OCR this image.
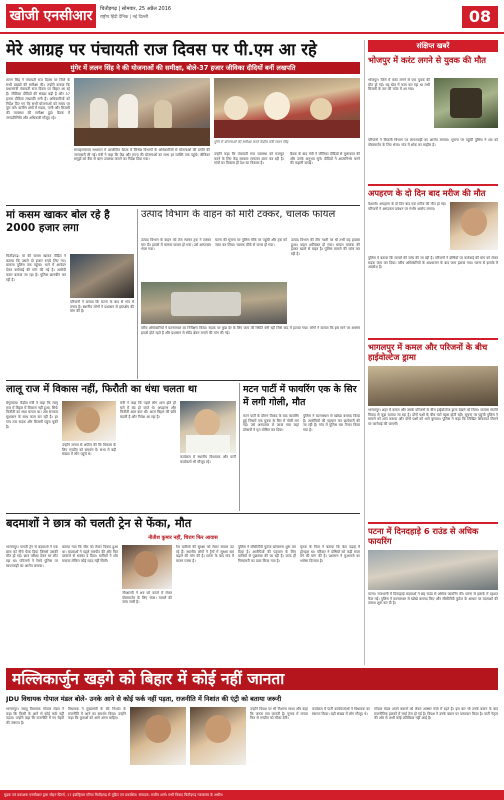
खोजी एनसीआर	चितौड़गढ़ | सोमवार, 25 अप्रैल 2016
राष्ट्रीय हिंदी दैनिक | नई दिल्ली	08
मेरे आग्रह पर पंचायती राज दिवस पर पी.एम आ रहे
मुंगेर में ललन सिंह ने की योजनाओं की समीक्षा, बोले-37 हजार जीविका दीदियों बनीं लखपति
ललन सिंह ने पंचायती राज दिवस पर जिले के सभी प्रखंडों की समीक्षा की। उन्होंने बताया कि प्रधानमंत्री पंचायती राज दिवस पर बिहार आ रहे हैं। जीविका दीदियों की संख्या बढ़ी है और 37 हजार दीदियां लखपति बनी हैं। अधिकारियों को निर्देश दिए गए कि सभी योजनाओं को समय पर पूरा करें। ग्रामीण क्षेत्रों में सड़क, पानी और बिजली की व्यवस्था की समीक्षा हुई। बैठक में जनप्रतिनिधि और अधिकारी मौजूद रहे।
समाहरणालय सभागार में आयोजित बैठक में विभिन्न विभागों के अधिकारियों से योजनाओं की प्रगति की जानकारी ली गई। मंत्री ने कहा कि केंद्र और राज्य की योजनाओं का लाभ हर व्यक्ति तक पहुंचे। जीविका समूहों को बैंक से ऋण उपलब्ध कराने का निर्देश दिया गया।
मुंगेर में योजनाओं की समीक्षा करते केंद्रीय मंत्री ललन सिंह
उन्होंने कहा कि पंचायती राज व्यवस्था को मजबूत करने के लिए केंद्र सरकार लगातार काम कर रही है। गांवों का विकास ही देश का विकास है।
बैठक के बाद मंत्री ने जीविका दीदियों से मुलाकात की और उनके अनुभव सुने। दीदियों ने आत्मनिर्भर बनने की कहानी बताई।
मां कसम खाकर बोल रहे है 2000 हजार लगा
चितौड़गढ़। मां की कसम खाकर पीड़ित ने बताया कि उससे दो हजार रुपये लिए गए। मामला पुलिस तक पहुंचा। थाने में आवेदन देकर कार्रवाई की मांग की गई है। आरोपी फरार बताया जा रहा है। पुलिस छानबीन कर रही है।
परिजनों ने बताया कि घटना के बाद से गांव में तनाव है। स्थानीय लोगों ने प्रशासन से हस्तक्षेप की मांग की है।
उत्पाद विभाग के वाहन को मारी टक्कर, चालक फायल
उत्पाद विभाग के वाहन को तेज रफ्तार ट्रक ने टक्कर मार दी। हादसे में चालक घायल हो गया। उसे अस्पताल भेजा गया।
घटना की सूचना पर पुलिस मौके पर पहुंची और ट्रक को जब्त कर लिया। चालक मौके से फरार हो गया।
उत्पाद विभाग की टीम गश्ती पर थी तभी यह हादसा हुआ। वाहन क्षतिग्रस्त हो गया। घायल चालक की हालत खतरे से बाहर है। पुलिस मामले की जांच कर रही है।
वरीय अधिकारियों ने घटनास्थल का निरीक्षण किया। सड़क पर कुछ देर के लिए जाम की स्थिति बनी रही जिसे बाद में हटाया गया। लोगों ने बताया कि इस मार्ग पर अक्सर हादसे होते रहते हैं और प्रशासन से स्पीड ब्रेकर बनाने की मांग की गई।
लालू राज में विकास नहीं, फिरौती का धंधा चलता था
बेगूसराय। केंद्रीय मंत्री ने कहा कि लालू राज में बिहार में विकास नहीं हुआ, सिर्फ फिरौती का धंधा चलता था। अब सरकार सुशासन के साथ काम कर रही है। हर गांव तक सड़क और बिजली पहुंच चुकी है।
उन्होंने जनता से अपील की कि विकास के लिए एनडीए को समर्थन दें। सभा में बड़ी संख्या में लोग पहुंचे थे।
मंत्री ने कहा कि पहले लोग शाम होते ही घरों में बंद हो जाते थे। अपहरण और फिरौती आम बात थी। आज बिहार की छवि बदली है और निवेश आ रहा है।
कार्यक्रम में स्थानीय विधायक और पार्टी कार्यकर्ता भी मौजूद रहे।
मटन पार्टी में फायरिंग एक के सिर में लगी गोली, मौत
मटन पार्टी के दौरान विवाद के बाद फायरिंग हुई जिसमें एक युवक के सिर में गोली लग गई। उसे अस्पताल ले जाया गया जहां डॉक्टरों ने मृत घोषित कर दिया।
पुलिस ने घटनास्थल से खोखा बरामद किया है। आरोपियों की पहचान कर छापेमारी की जा रही है। गांव में पुलिस बल तैनात किया गया है।
बदमाशों ने छात्र को चलती ट्रेन से फेंका, मौत
नीतीश कुमार नहीं, चिराग फिर आवास
भागलपुर। चलती ट्रेन से बदमाशों ने एक छात्र को नीचे फेंक दिया जिससे उसकी मौत हो गई। छात्र परीक्षा देकर घर लौट रहा था। परिजनों ने रेलवे पुलिस पर लापरवाही का आरोप लगाया।
बताया गया कि सीट को लेकर विवाद हुआ था। बदमाशों ने पहले मारपीट की और फिर दरवाजे से धक्का दे दिया। यात्रियों ने शोर मचाया लेकिन कोई मदद नहीं मिली।
जीआरपी ने शव को कब्जे में लेकर पोस्टमार्टम के लिए भेजा। मामले की जांच जारी है।
रेल यात्रियों की सुरक्षा को लेकर सवाल उठ रहे हैं। स्थानीय लोगों ने ट्रेनों में सुरक्षा बल बढ़ाने की मांग की है। घटना के बाद गांव में मातम पसरा है।
पुलिस ने सीसीटीवी फुटेज खंगालना शुरू कर दिया है। आरोपियों की पहचान के लिए यात्रियों से पूछताछ की जा रही है। जल्द ही गिरफ्तारी का दावा किया गया है।
मृतक के पिता ने बताया कि बेटा पढ़ाई में होनहार था। परिवार ने दोषियों को कड़ी सजा देने की मांग की है। प्रशासन ने मुआवजे का भरोसा दिलाया है।
संक्षिप्त खबरें
भोजपुर में करंट लगने से युवक की मौत
भोजपुर। जिले में करंट लगने से एक युवक की मौत हो गई। वह खेत में काम कर रहा था तभी बिजली के तार की चपेट में आ गया।
परिजनों ने बिजली विभाग पर लापरवाही का आरोप लगाया। सूचना पर पहुंची पुलिस ने शव को पोस्टमार्टम के लिए भेजा। गांव में शोक का माहौल है।
अपहरण के दो दिन बाद मरीज की मौत
वैशाली। अपहरण के दो दिन बाद एक मरीज की मौत हो गई। परिजनों ने अस्पताल प्रबंधन पर गंभीर आरोप लगाए।
पुलिस ने बताया कि मामले की जांच की जा रही है। परिजनों ने दोषियों पर कार्रवाई की मांग को लेकर सड़क जाम कर दिया। वरीय अधिकारियों के आश्वासन के बाद जाम हटाया गया। घटना से इलाके में आक्रोश है।
भागलपुर में कमल और परिजनों के बीच हाईवोल्टेज ड्रामा
भागलपुर। शहर में कमल और उसके परिजनों के बीच हाईवोल्टेज ड्रामा देखने को मिला। मामला संपत्ति विवाद से जुड़ा बताया जा रहा है। दोनों पक्षों के बीच घंटों बहस होती रही। सूचना पर पहुंची पुलिस ने मामले को शांत कराया और दोनों पक्षों को थाने बुलाया। पुलिस ने कहा कि लिखित शिकायत मिलने पर कार्रवाई की जाएगी।
पटना में दिनदहाड़े 6 राउंड से अधिक फायरिंग
पटना। राजधानी में दिनदहाड़े बदमाशों ने छह राउंड से अधिक फायरिंग की। घटना से इलाके में दहशत फैल गई। पुलिस ने घटनास्थल से खोखे बरामद किए और सीसीटीवी फुटेज के आधार पर बदमाशों की तलाश शुरू कर दी है।
मल्लिकार्जुन खड़गे को बिहार में कोई नहीं जानता
JDU विधायक गोपाल मंडल बोले- उनके आने से कोई फर्क नहीं पड़ता, राजनीति में निशांत की एंट्री को बताया जरूरी
भागलपुर। जदयू विधायक गोपाल मंडल ने कहा कि किसी के आने से कोई फर्क नहीं पड़ता। उन्होंने कहा कि राजनीति में नए चेहरों की जरूरत है।
विधायक ने मुख्यमंत्री के बेटे निशांत के राजनीति में आने का समर्थन किया। उन्होंने कहा कि युवाओं को आगे आना चाहिए।
उन्होंने विपक्ष पर भी निशाना साधा और कहा कि जनता सब जानती है। चुनाव में जनता फिर से एनडीए को मौका देगी।
कार्यक्रम में पार्टी कार्यकर्ताओं ने विधायक का स्वागत किया। बड़ी संख्या में लोग मौजूद थे।
गोपाल मंडल अपने बयानों को लेकर अक्सर चर्चा में रहते हैं। इस बार भी उनके बयान के बाद राजनीतिक हलकों में चर्चा तेज हो गई है। विपक्ष ने उनके बयान पर पलटवार किया है। पार्टी नेतृत्व की ओर से अभी कोई प्रतिक्रिया नहीं आई है।
मुद्रक एवं प्रकाशक एनसीआर द्वारा मोहन प्रिंटर्स, 17 इंडस्ट्रियल एरिया चितौड़गढ़ से मुद्रित एवं प्रकाशित। संपादक: राजीव शर्मा। सभी विवाद चितौड़गढ़ न्यायालय के अधीन।
